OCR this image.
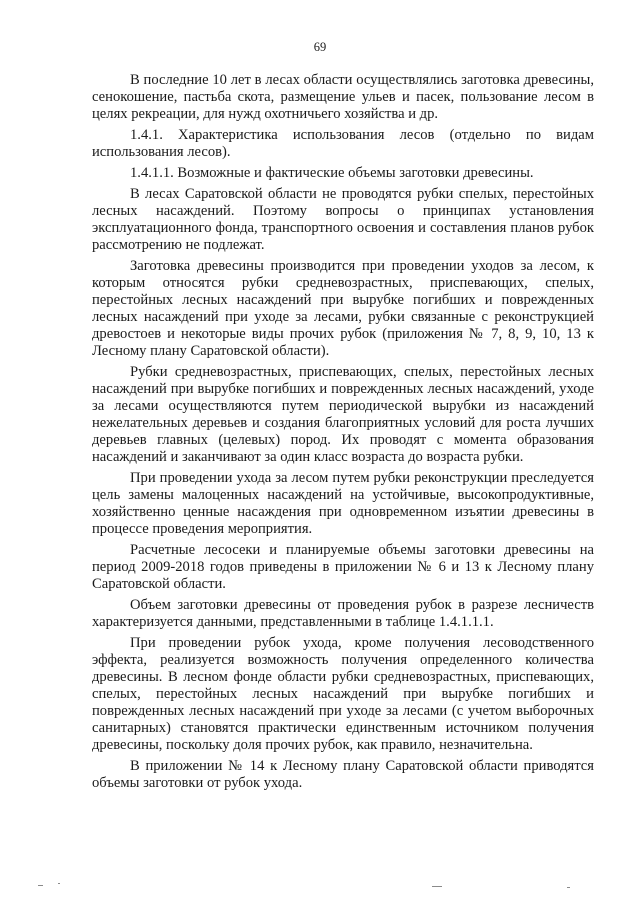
69

В последние 10 лет в лесах области осуществлялись заготовка древесины, сенокошение, пастьба скота, размещение ульев и пасек, пользование лесом в целях рекреации, для нужд охотничьего хозяйства и др.

1.4.1. Характеристика использования лесов (отдельно по видам использования лесов).

1.4.1.1. Возможные и фактические объемы заготовки древесины.

В лесах Саратовской области не проводятся рубки спелых, перестойных лесных насаждений. Поэтому вопросы о принципах установления эксплуатационного фонда, транспортного освоения и составления планов рубок рассмотрению не подлежат.

Заготовка древесины производится при проведении уходов за лесом, к которым относятся рубки средневозрастных, приспевающих, спелых, перестойных лесных насаждений при вырубке погибших и поврежденных лесных насаждений при уходе за лесами, рубки связанные с реконструкцией древостоев и некоторые виды прочих рубок (приложения № 7, 8, 9, 10, 13 к Лесному плану Саратовской области).

Рубки средневозрастных, приспевающих, спелых, перестойных лесных насаждений при вырубке погибших и поврежденных лесных насаждений, уходе за лесами осуществляются путем периодической вырубки из насаждений нежелательных деревьев и создания благоприятных условий для роста лучших деревьев главных (целевых) пород. Их проводят с момента образования насаждений и заканчивают за один класс возраста до возраста рубки.

При проведении ухода за лесом путем рубки реконструкции преследуется цель замены малоценных насаждений на устойчивые, высокопродуктивные, хозяйственно ценные насаждения при одновременном изъятии древесины в процессе проведения мероприятия.

Расчетные лесосеки и планируемые объемы заготовки древесины на период 2009-2018 годов приведены в приложении № 6 и 13 к Лесному плану Саратовской области.

Объем заготовки древесины от проведения рубок в разрезе лесничеств характеризуется данными, представленными в таблице 1.4.1.1.1.

При проведении рубок ухода, кроме получения лесоводственного эффекта, реализуется возможность получения определенного количества древесины. В лесном фонде области рубки средневозрастных, приспевающих, спелых, перестойных лесных насаждений при вырубке погибших и поврежденных лесных насаждений при уходе за лесами (с учетом выборочных санитарных) становятся практически единственным источником получения древесины, поскольку доля прочих рубок, как правило, незначительна.

В приложении № 14 к Лесному плану Саратовской области приводятся объемы заготовки от рубок ухода.
